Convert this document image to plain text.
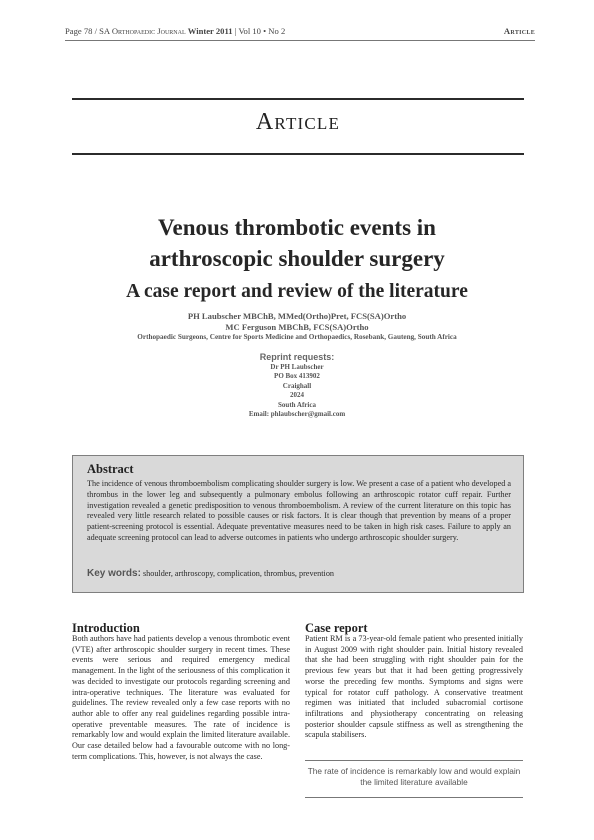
Page 78 / SA Orthopaedic Journal Winter 2011 | Vol 10 • No 2	Article
Article
Venous thrombotic events in
arthroscopic shoulder surgery
A case report and review of the literature
PH Laubscher MBChB, MMed(Ortho)Pret, FCS(SA)Ortho
MC Ferguson MBChB, FCS(SA)Ortho
Orthopaedic Surgeons, Centre for Sports Medicine and Orthopaedics, Rosebank, Gauteng, South Africa
Reprint requests:
Dr PH Laubscher
PO Box 413902
Craighall
2024
South Africa
Email: phlaubscher@gmail.com
Abstract
The incidence of venous thromboembolism complicating shoulder surgery is low. We present a case of a patient who developed a thrombus in the lower leg and subsequently a pulmonary embolus following an arthroscopic rotator cuff repair. Further investigation revealed a genetic predisposition to venous thromboembolism. A review of the current literature on this topic has revealed very little research related to possible causes or risk factors. It is clear though that prevention by means of a proper patient-screening protocol is essential. Adequate preventative measures need to be taken in high risk cases. Failure to apply an adequate screening protocol can lead to adverse outcomes in patients who undergo arthroscopic shoulder surgery.
Key words: shoulder, arthroscopy, complication, thrombus, prevention
Introduction
Both authors have had patients develop a venous thrombotic event (VTE) after arthroscopic shoulder surgery in recent times. These events were serious and required emergency medical management. In the light of the seriousness of this complication it was decided to investigate our protocols regarding screening and intra-operative techniques. The literature was evaluated for guidelines. The review revealed only a few case reports with no author able to offer any real guidelines regarding possible intra-operative preventable measures. The rate of incidence is remarkably low and would explain the limited literature available. Our case detailed below had a favourable outcome with no long-term complications. This, however, is not always the case.
Case report
Patient RM is a 73-year-old female patient who presented initially in August 2009 with right shoulder pain. Initial history revealed that she had been struggling with right shoulder pain for the previous few years but that it had been getting progressively worse the preceding few months. Symptoms and signs were typical for rotator cuff pathology. A conservative treatment regimen was initiated that included subacromial cortisone infiltrations and physiotherapy concentrating on releasing posterior shoulder capsule stiffness as well as strengthening the scapula stabilisers.
The rate of incidence is remarkably low and would explain the limited literature available
